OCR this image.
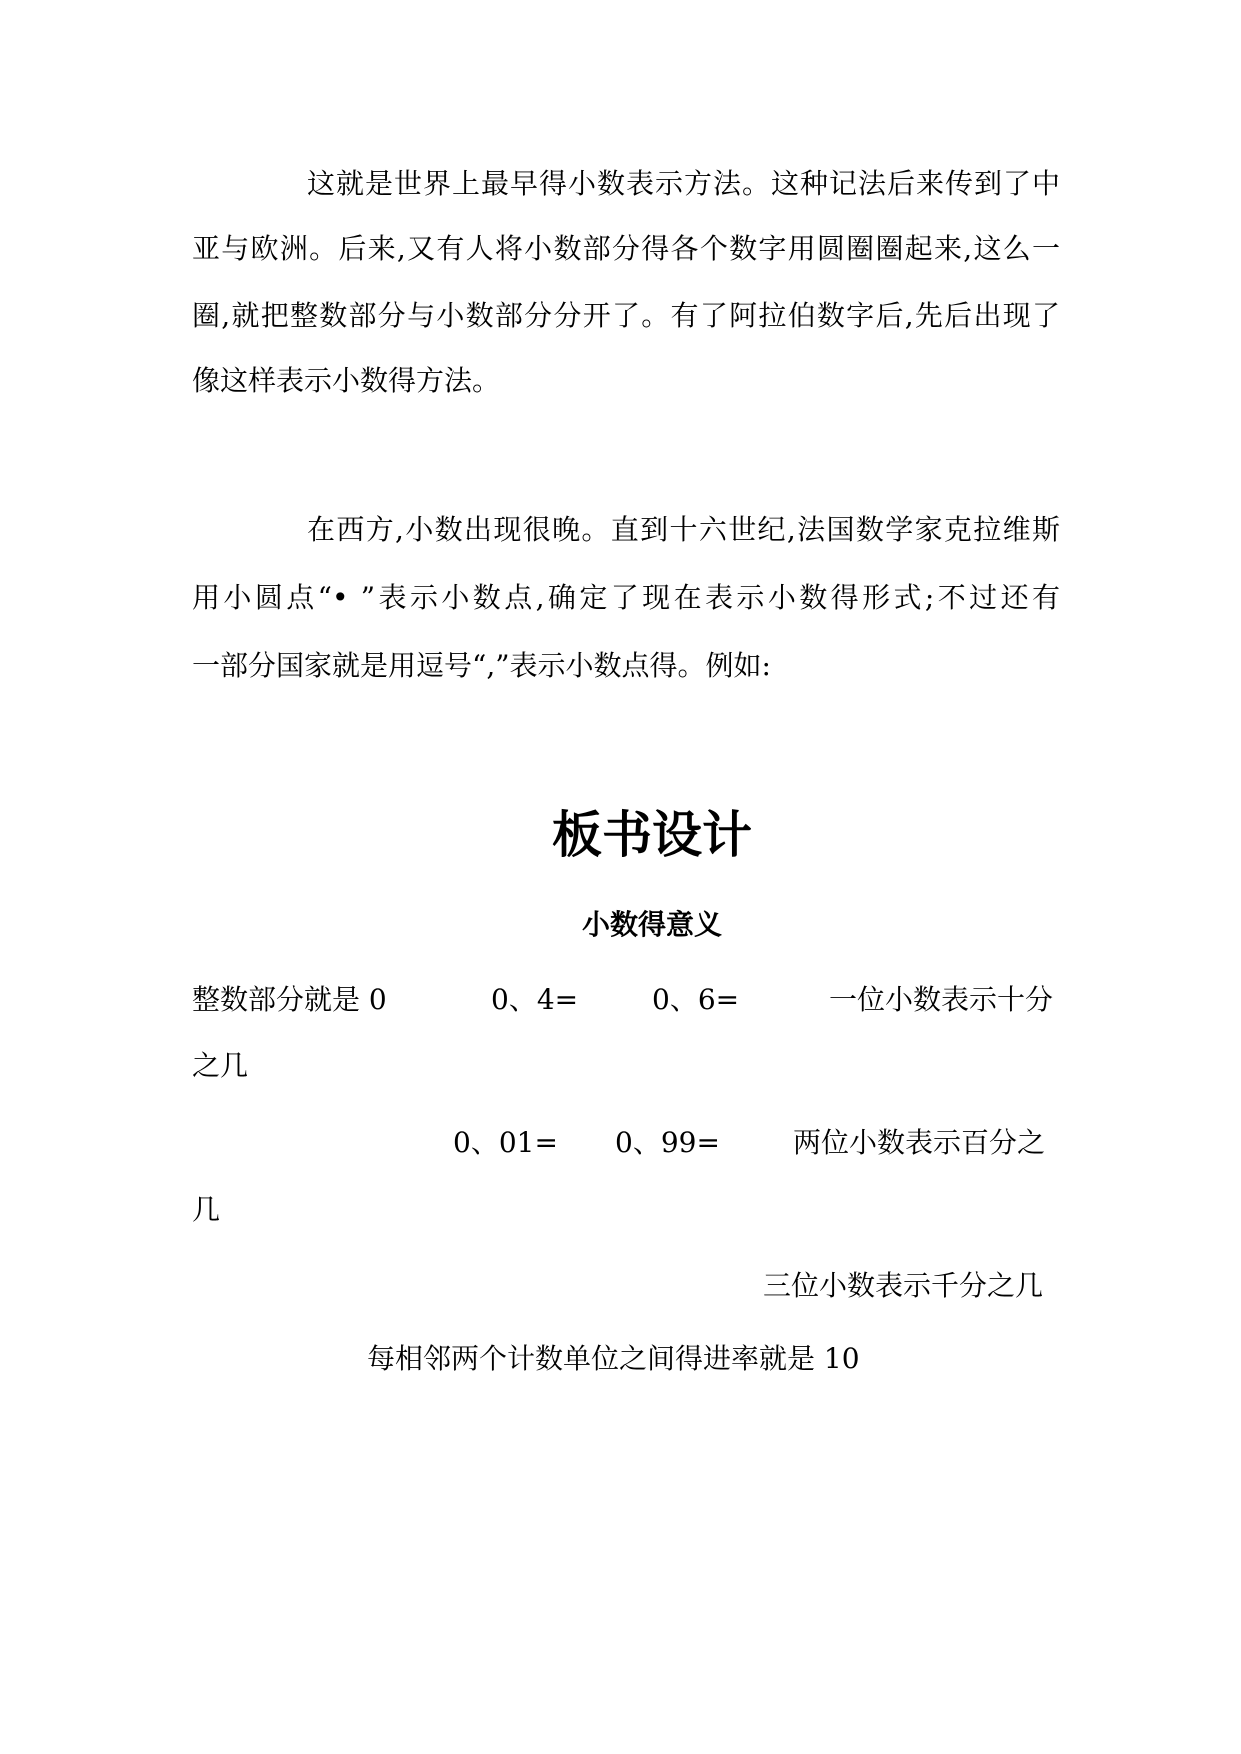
这就是世界上最早得小数表示方法。这种记法后来传到了中
亚与欧洲。后来,又有人将小数部分得各个数字用圆圈圈起来,这么一
圈,就把整数部分与小数部分分开了。有了阿拉伯数字后,先后出现了
像这样表示小数得方法。
在西方,小数出现很晚。直到十六世纪,法国数学家克拉维斯
用小圆点“• ”表示小数点,确定了现在表示小数得形式;不过还有
一部分国家就是用逗号“,”表示小数点得。例如:
板书设计
小数得意义
整数部分就是 0	0、4=	0、6=	一位小数表示十分
之几
0、01= 0、99=	两位小数表示百分之
几
三位小数表示千分之几
每相邻两个计数单位之间得进率就是 10
